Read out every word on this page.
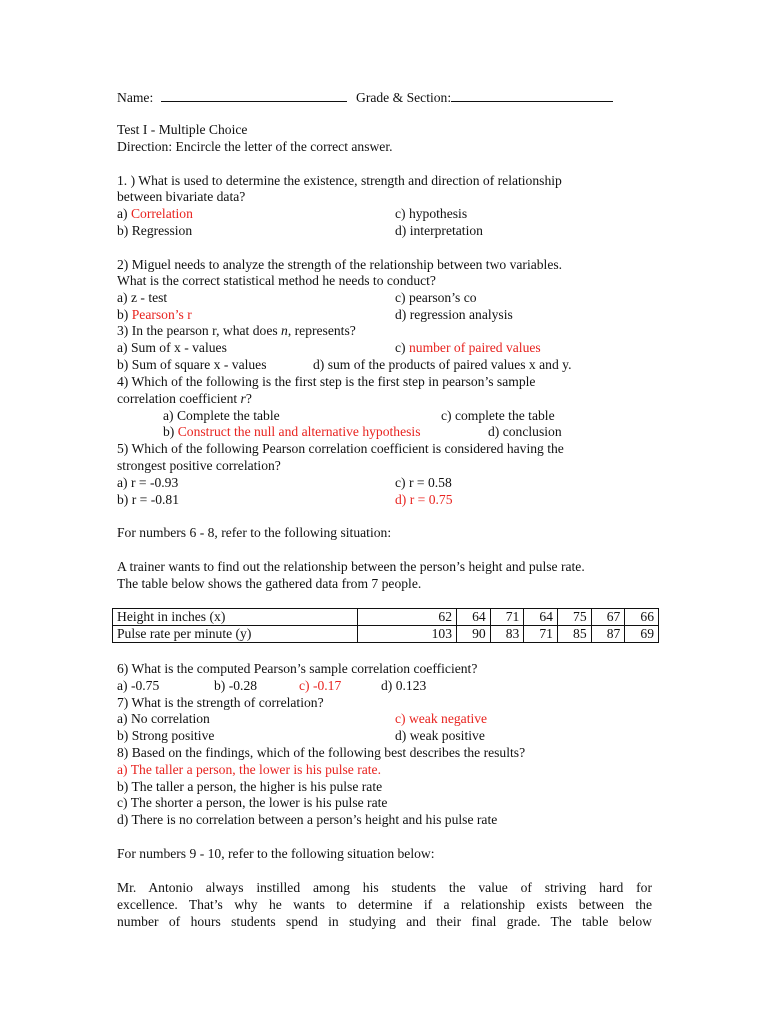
Name:	Grade & Section:
Test I - Multiple Choice
Direction: Encircle the letter of the correct answer.
1. ) What is used to determine the existence, strength and direction of relationship
between bivariate data?
a) Correlation	c) hypothesis
b) Regression	d) interpretation
2) Miguel needs to analyze the strength of the relationship between two variables.
What is the correct statistical method he needs to conduct?
a) z - test	c) pearson’s co
b) Pearson’s r	d) regression analysis
3) In the pearson r, what does n, represents?
a) Sum of x - values	c) number of paired values
b) Sum of square x - values	d) sum of the products of paired values x and y.
4) Which of the following is the first step is the first step in pearson’s sample
correlation coefficient r?
a) Complete the table	c) complete the table
b) Construct the null and alternative hypothesis	d) conclusion
5) Which of the following Pearson correlation coefficient is considered having the
strongest positive correlation?
a) r = -0.93	c) r = 0.58
b) r = -0.81	d) r = 0.75
For numbers 6 - 8, refer to the following situation:
A trainer wants to find out the relationship between the person’s height and pulse rate.
The table below shows the gathered data from 7 people.
Height in inches (x)	62	64	71	64	75	67	66
Pulse rate per minute (y)	103	90	83	71	85	87	69
6) What is the computed Pearson’s sample correlation coefficient?
a) -0.75	b) -0.28	c) -0.17	d) 0.123
7) What is the strength of correlation?
a) No correlation	c) weak negative
b) Strong positive	d) weak positive
8) Based on the findings, which of the following best describes the results?
a) The taller a person, the lower is his pulse rate.
b) The taller a person, the higher is his pulse rate
c) The shorter a person, the lower is his pulse rate
d) There is no correlation between a person’s height and his pulse rate
For numbers 9 - 10, refer to the following situation below:
Mr. Antonio always instilled among his students the value of striving hard for
excellence. That’s why he wants to determine if a relationship exists between the
number of hours students spend in studying and their final grade. The table below
